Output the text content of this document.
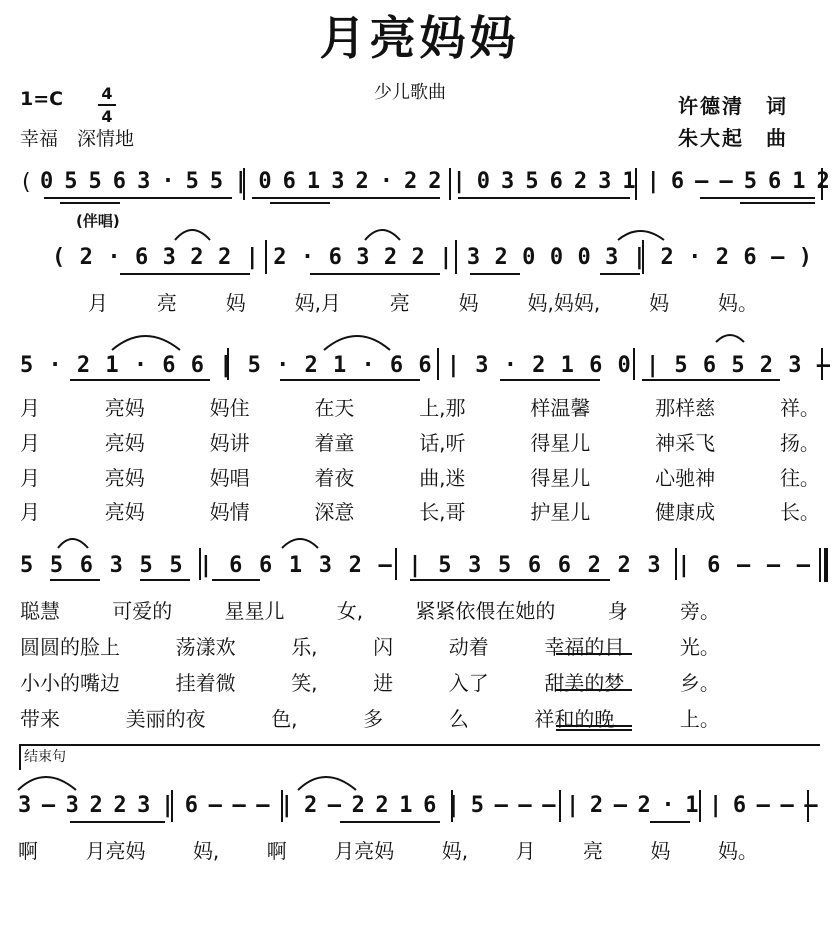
月亮妈妈
1=C	4
4
少儿歌曲
幸福　深情地
许德清　词
朱大起　曲
( 0 5 5 6 3 · 5 5 | 0 6 1 3 2 · 2 2 | 0 3 5 6 2 3 1 | 6 – – 5 6 1 2
(伴唱)
( 2 · 6 3 2 2 | 2 · 6 3 2 2 | 3 2 0 0 0 3 | 2 · 2 6 – )
月 亮 妈 妈,月 亮 妈 妈,妈妈, 妈 妈。
5 · 2 1 · 6 6 | 5 · 2 1 · 6 6 | 3 · 2 1 6 0 | 5 6 5 2 3 –
月	亮妈	妈住	在天	上,那	样温馨	那样慈	祥。
月	亮妈	妈讲	着童	话,听	得星儿	神采飞	扬。
月	亮妈	妈唱	着夜	曲,迷	得星儿	心驰神	往。
月	亮妈	妈情	深意	长,哥	护星儿	健康成	长。
5 5 6 3 5 5 | 6 6 1 3 2 – | 5 3 5 6 6 2 2 3 | 6 – – –
聪慧	可爱的	星星儿	女,	紧紧依偎在她的	身	旁。
圆圆的脸上	荡漾欢	乐,	闪	动着	幸福的目	光。
小小的嘴边	挂着微	笑,	进	入了	甜美的梦	乡。
带来	美丽的夜	色,	多	么	祥和的晚	上。
结束句
3 – 3 2 2 3 | 6 – – – | 2 – 2 2 1 6 | 5 – – – | 2 – 2 · 1 | 6 – – –
啊 月亮妈 妈, 啊 月亮妈 妈, 月 亮 妈 妈。
